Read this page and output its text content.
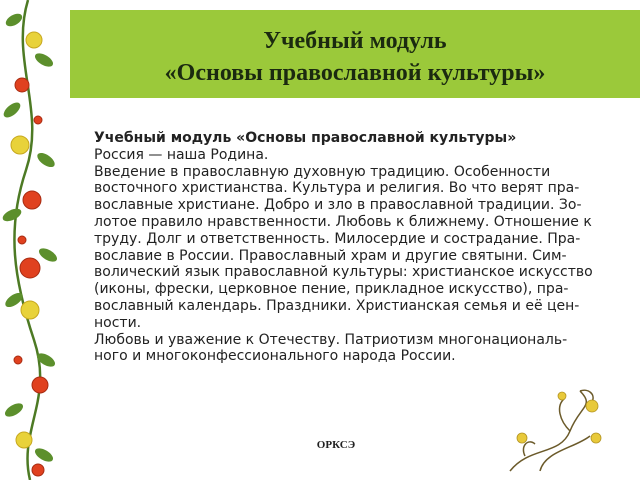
Учебный модуль
«Основы православной культуры»
Учебный модуль «Основы православной культуры»
Россия — наша Родина.
Введение в православную духовную традицию. Особенности
восточного христианства. Культура и религия. Во что верят пра-
вославные христиане. Добро и зло в православной традиции. Зо-
лотое правило нравственности. Любовь к ближнему. Отношение к
труду. Долг и ответственность. Милосердие и сострадание. Пра-
вославие в России. Православный храм и другие святыни. Сим-
волический язык православной культуры: христианское искусство
(иконы, фрески, церковное пение, прикладное искусство), пра-
вославный календарь. Праздники. Христианская семья и её цен-
ности.
Любовь и уважение к Отечеству. Патриотизм многонациональ-
ного и многоконфессионального народа России.
ОРКСЭ
